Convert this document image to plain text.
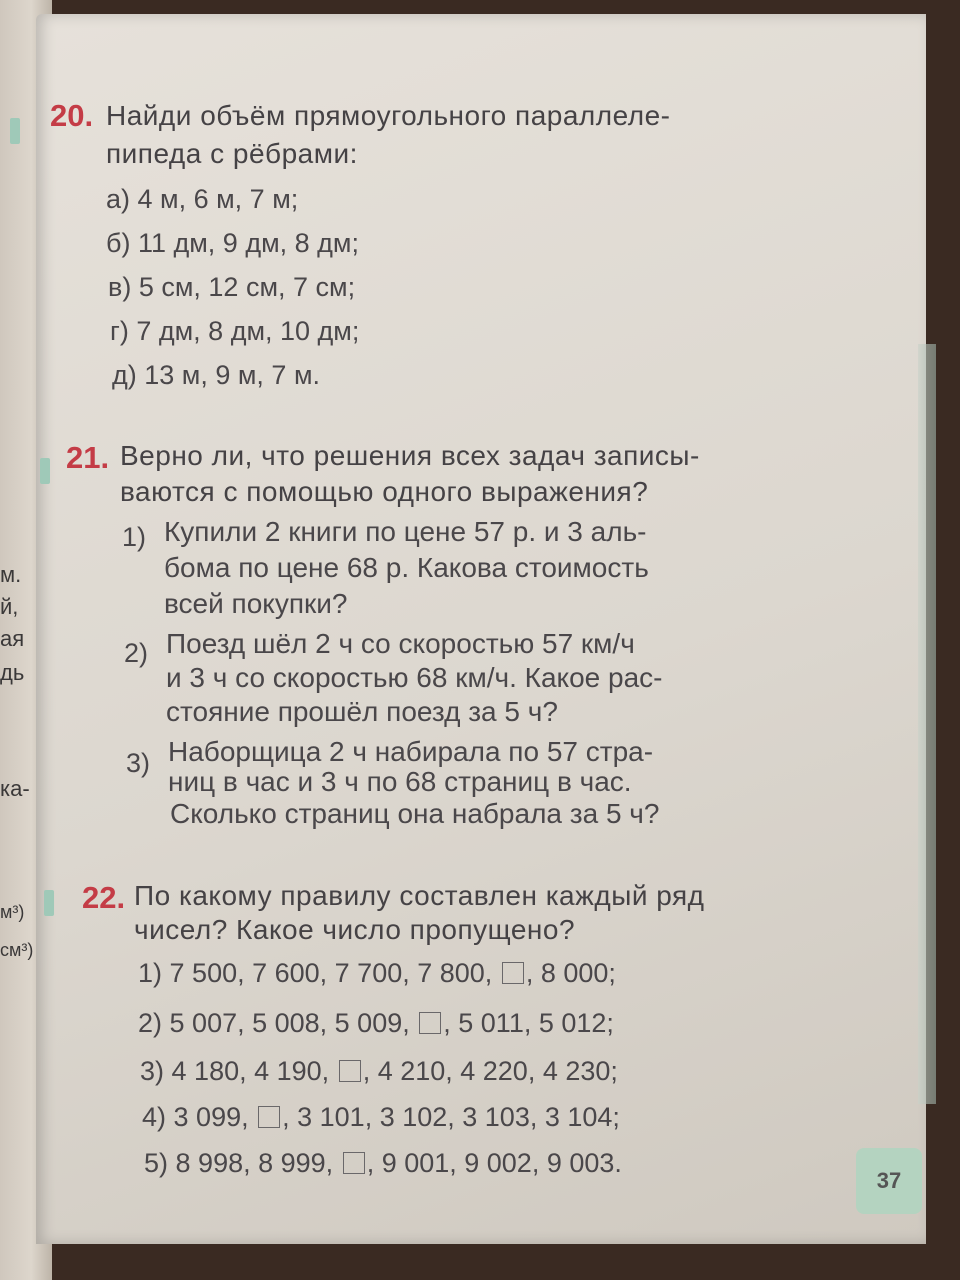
м.
й,
ая
дь
ка-
м³)
см³)
20. Найди объём прямоугольного параллеле-
пипеда с рёбрами:
а) 4 м, 6 м, 7 м;
б) 11 дм, 9 дм, 8 дм;
в) 5 см, 12 см, 7 см;
г) 7 дм, 8 дм, 10 дм;
д) 13 м, 9 м, 7 м.
21. Верно ли, что решения всех задач записы-
ваются с помощью одного выражения?
1) Купили 2 книги по цене 57 р. и 3 аль-
бома по цене 68 р. Какова стоимость
всей покупки?
2) Поезд шёл 2 ч со скоростью 57 км/ч
и 3 ч со скоростью 68 км/ч. Какое рас-
стояние прошёл поезд за 5 ч?
3) Наборщица 2 ч набирала по 57 стра-
ниц в час и 3 ч по 68 страниц в час.
Сколько страниц она набрала за 5 ч?
22. По какому правилу составлен каждый ряд
чисел? Какое число пропущено?
1) 7 500, 7 600, 7 700, 7 800, , 8 000;
2) 5 007, 5 008, 5 009, , 5 011, 5 012;
3) 4 180, 4 190, , 4 210, 4 220, 4 230;
4) 3 099, , 3 101, 3 102, 3 103, 3 104;
5) 8 998, 8 999, , 9 001, 9 002, 9 003.
37
